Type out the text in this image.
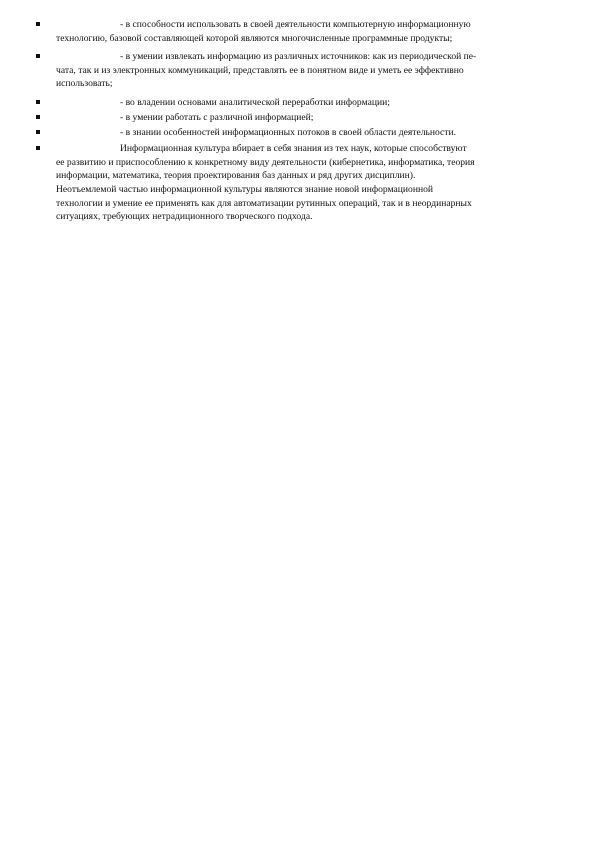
- в способности использовать в своей деятельности компьютерную информационную
технологию, базовой составляющей которой являются многочисленные программные продукты;
- в умении извлекать информацию из различных источников: как из периодической пе-
чата, так и из электронных коммуникаций, представлять ее в понятном виде и уметь ее эффективно
использовать;
- во владении основами аналитической переработки информации;
- в умении работать с различной информацией;
- в знании особенностей информационных потоков в своей области деятельности.
Информационная культура вбирает в себя знания из тех наук, которые способствуют
ее развитию и приспособлению к конкретному виду деятельности (кибернетика, информатика, теория
информации, математика, теория проектирования баз данных и ряд других дисциплин).
Неотъемлемой частью информационной культуры являются знание новой информационной
технологии и умение ее применять как для автоматизации рутинных операций, так и в неординарных
ситуациях, требующих нетрадиционного творческого подхода.
